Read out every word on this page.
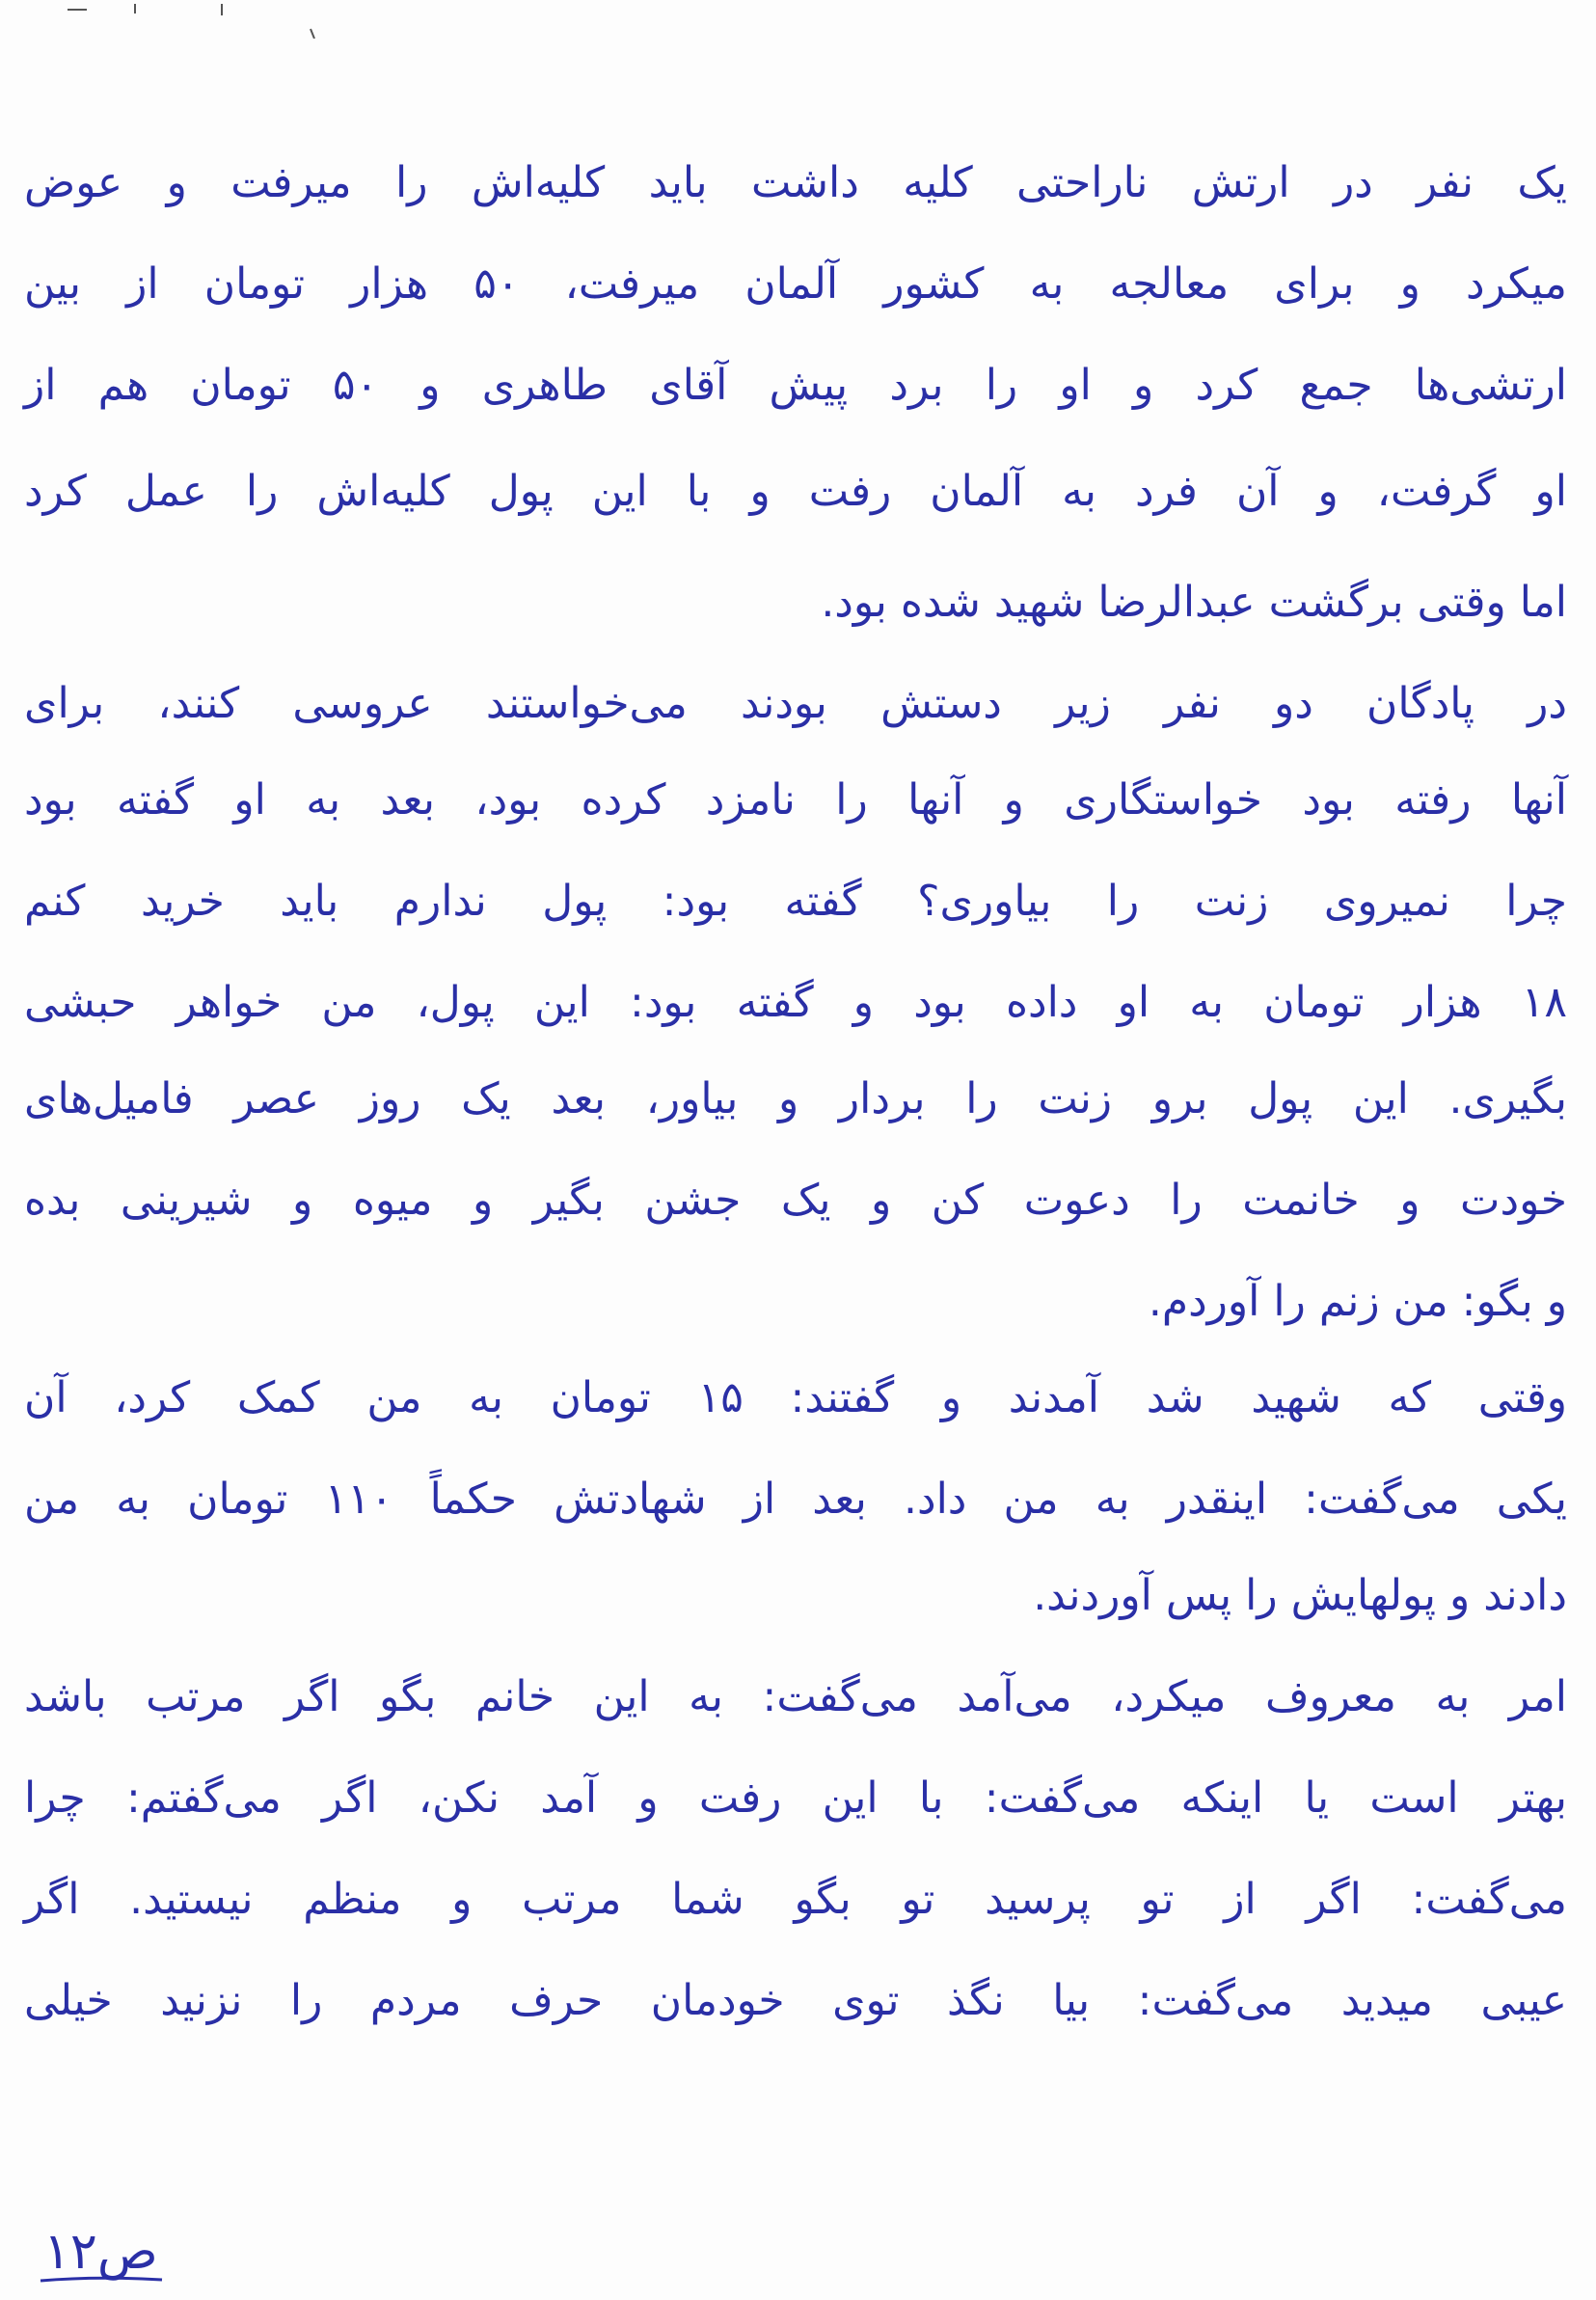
یک نفر در ارتش ناراحتی کلیه داشت باید کلیه‌اش را میرفت و عوض
میکرد و برای معالجه به کشور آلمان میرفت، ۵۰ هزار تومان از بین
ارتشی‌ها جمع کرد و او را برد پیش آقای طاهری و ۵۰ تومان هم از
او گرفت، و آن فرد به آلمان رفت و با این پول کلیه‌اش را عمل کرد
اما وقتی برگشت عبدالرضا شهید شده بود.
در پادگان دو نفر زیر دستش بودند می‌خواستند عروسی کنند، برای
آنها رفته بود خواستگاری و آنها را نامزد کرده بود، بعد به او گفته بود
چرا نمیروی زنت را بیاوری؟ گفته بود: پول ندارم باید خرید کنم
۱۸ هزار تومان به او داده بود و گفته بود: این پول، من خواهر حبشی
بگیری. این پول برو زنت را بردار و بیاور، بعد یک روز عصر فامیل‌های
خودت و خانمت را دعوت کن و یک جشن بگیر و میوه و شیرینی بده
و بگو: من زنم را آوردم.
وقتی که شهید شد آمدند و گفتند: ۱۵ تومان به من کمک کرد، آن
یکی می‌گفت: اینقدر به من داد. بعد از شهادتش حکماً ۱۱۰ تومان به من
دادند و پولهایش را پس آوردند.
امر به معروف میکرد، می‌آمد می‌گفت: به این خانم بگو اگر مرتب باشد
بهتر است یا اینکه می‌گفت: با این رفت و آمد نکن، اگر می‌گفتم: چرا
می‌گفت: اگر از تو پرسید تو بگو شما مرتب و منظم نیستید. اگر
عیبی میدید می‌گفت: بیا نگذ توی خودمان حرف مردم را نزنید خیلی
ص۱۲
